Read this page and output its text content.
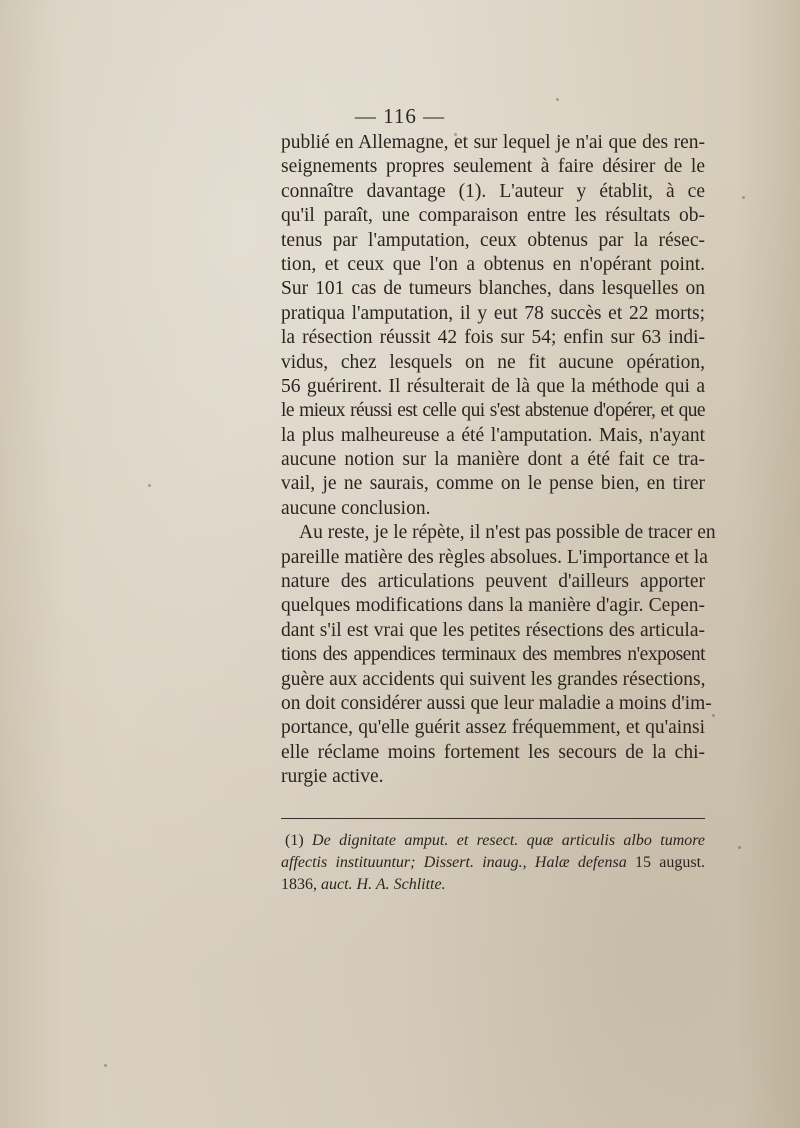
— 116 —
publié en Allemagne, et sur lequel je n'ai que des ren-
seignements propres seulement à faire désirer de le
connaître davantage (1). L'auteur y établit, à ce
qu'il paraît, une comparaison entre les résultats ob-
tenus par l'amputation, ceux obtenus par la résec-
tion, et ceux que l'on a obtenus en n'opérant point.
Sur 101 cas de tumeurs blanches, dans lesquelles on
pratiqua l'amputation, il y eut 78 succès et 22 morts;
la résection réussit 42 fois sur 54; enfin sur 63 indi-
vidus, chez lesquels on ne fit aucune opération,
56 guérirent. Il résulterait de là que la méthode qui a
le mieux réussi est celle qui s'est abstenue d'opérer, et que
la plus malheureuse a été l'amputation. Mais, n'ayant
aucune notion sur la manière dont a été fait ce tra-
vail, je ne saurais, comme on le pense bien, en tirer
aucune conclusion.
Au reste, je le répète, il n'est pas possible de tracer en
pareille matière des règles absolues. L'importance et la
nature des articulations peuvent d'ailleurs apporter
quelques modifications dans la manière d'agir. Cepen-
dant s'il est vrai que les petites résections des articula-
tions des appendices terminaux des membres n'exposent
guère aux accidents qui suivent les grandes résections,
on doit considérer aussi que leur maladie a moins d'im-
portance, qu'elle guérit assez fréquemment, et qu'ainsi
elle réclame moins fortement les secours de la chi-
rurgie active.
(1) De dignitate amput. et resect. quæ articulis albo tumore
affectis instituuntur; Dissert. inaug., Halæ defensa 15 august.
1836, auct. H. A. Schlitte.
